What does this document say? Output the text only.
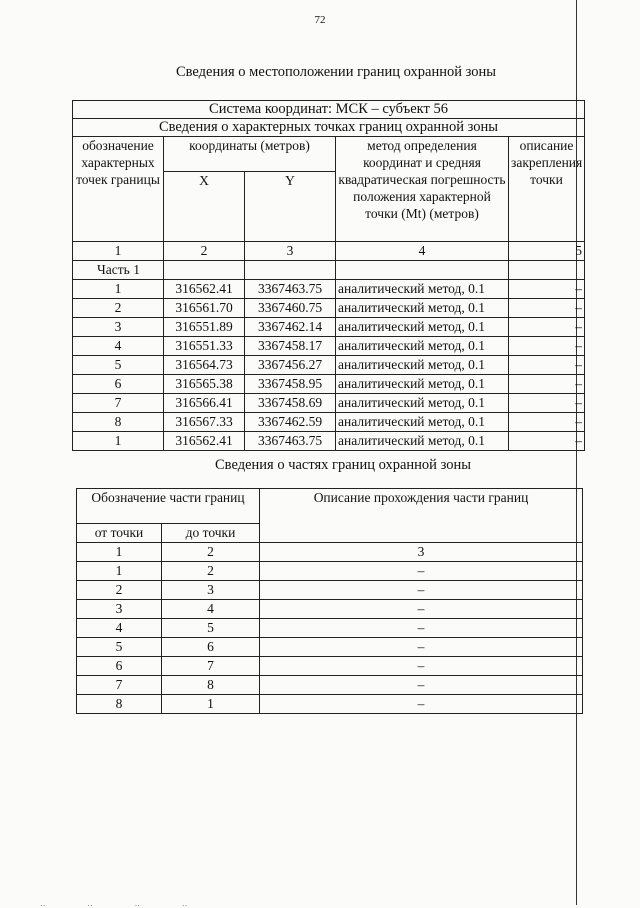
72
Сведения о местоположении границ охранной зоны
Система координат: МСК – субъект 56				
Сведения о характерных точках границ охранной зоны				
обозначение характерных точек границы	координаты (метров)		метод определения координат и средняя квадратическая погрешность положения характерной точки (Mt) (метров)	описание закрепления точки
	X	Y		
1	2	3	4	5
Часть 1				
1	316562.41	3367463.75	аналитический метод, 0.1	–
2	316561.70	3367460.75	аналитический метод, 0.1	–
3	316551.89	3367462.14	аналитический метод, 0.1	–
4	316551.33	3367458.17	аналитический метод, 0.1	–
5	316564.73	3367456.27	аналитический метод, 0.1	–
6	316565.38	3367458.95	аналитический метод, 0.1	–
7	316566.41	3367458.69	аналитический метод, 0.1	–
8	316567.33	3367462.59	аналитический метод, 0.1	–
1	316562.41	3367463.75	аналитический метод, 0.1	–
Сведения о частях границ охранной зоны
Обозначение части границ		Описание прохождения части границ
от точки	до точки	
1	2	3
1	2	–
2	3	–
3	4	–
4	5	–
5	6	–
6	7	–
7	8	–
8	1	–
‥ ‥ ‥ ‥
